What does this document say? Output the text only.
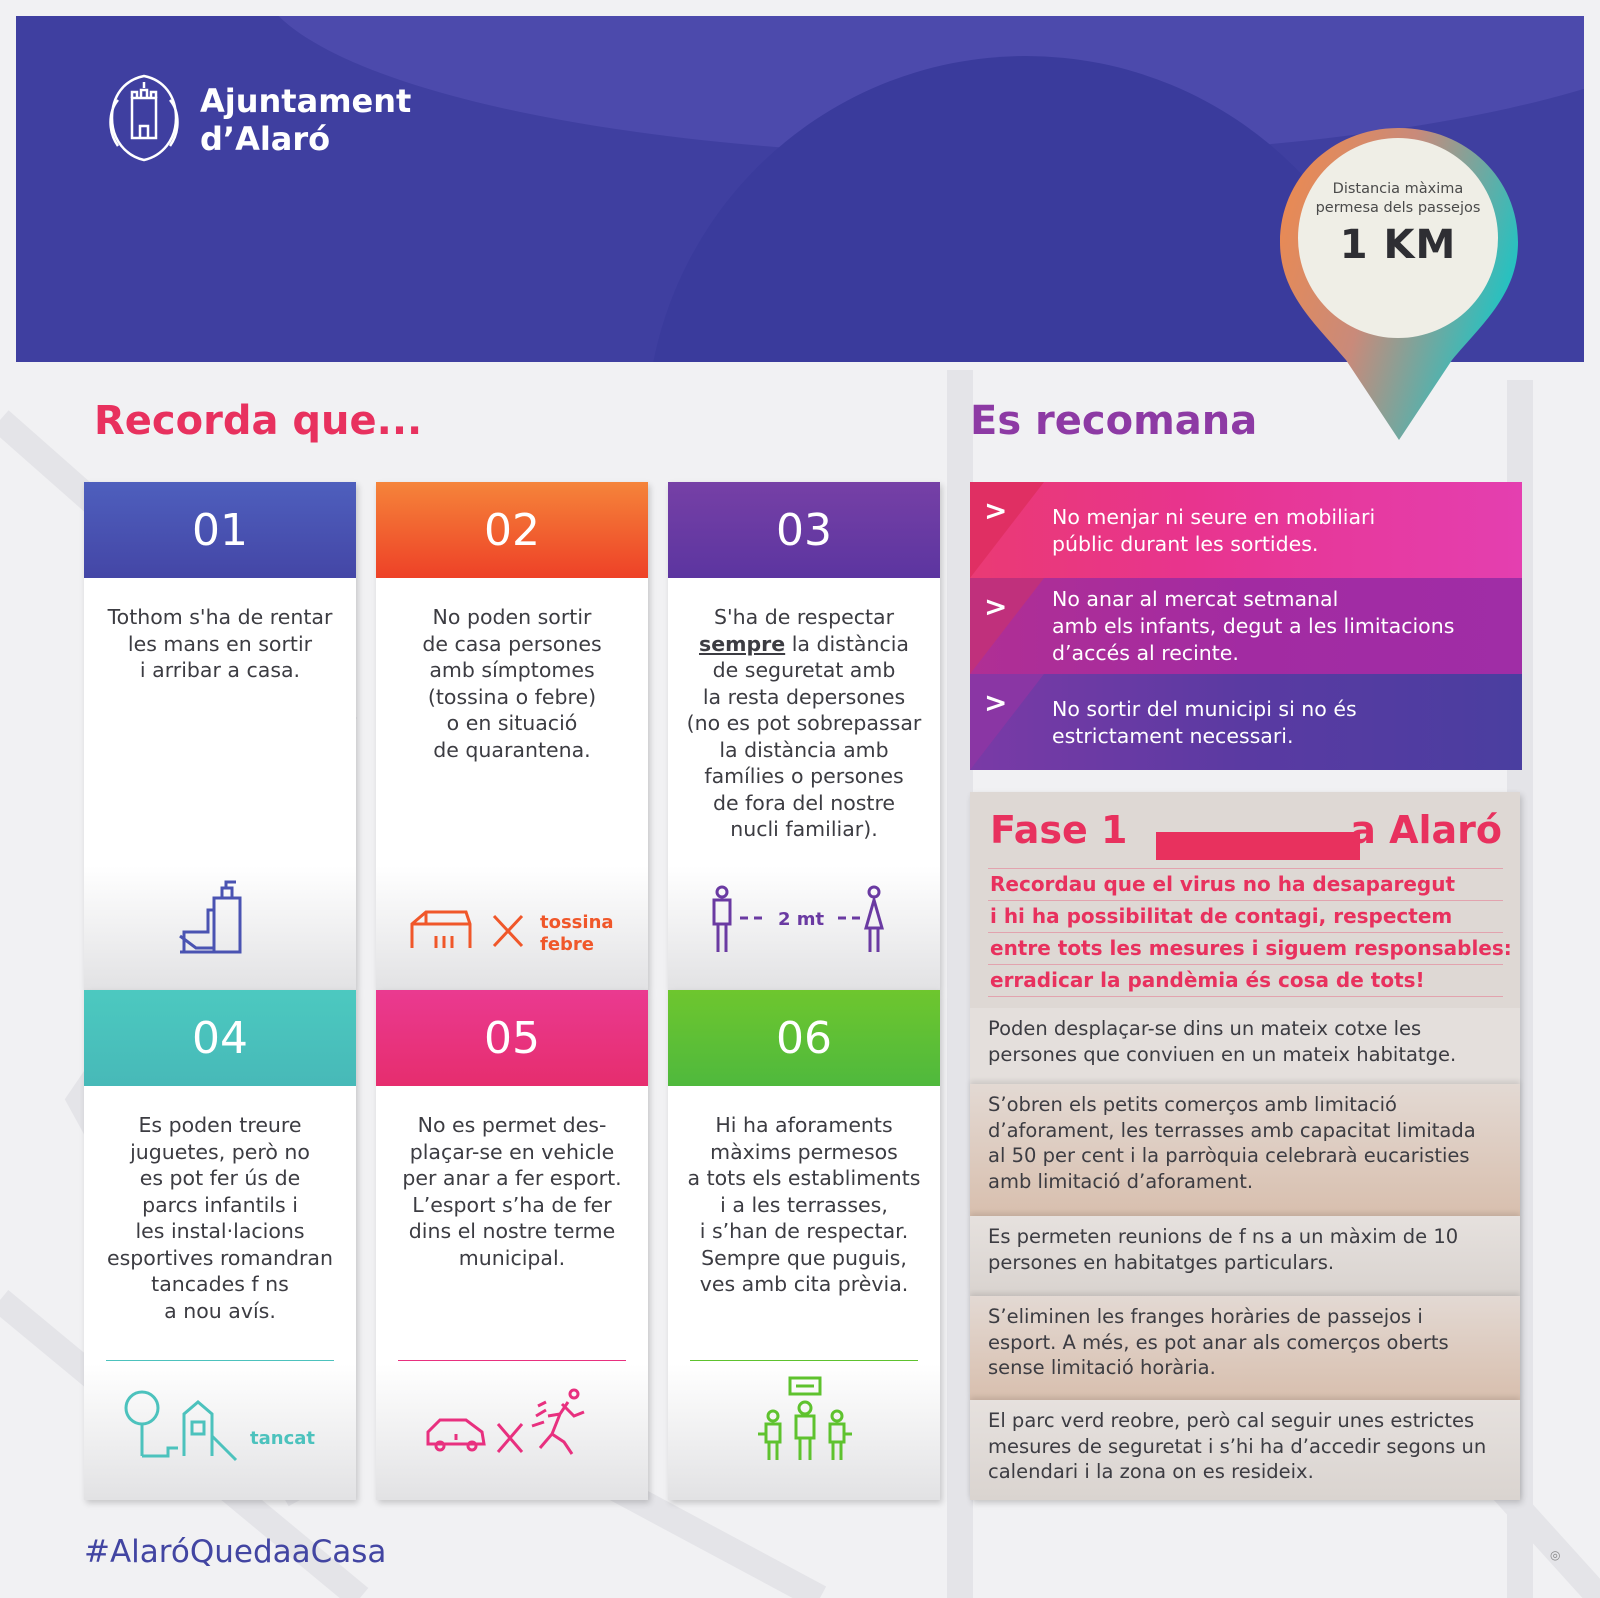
Ajuntament
d’Alaró
Distancia màxima
permesa dels passejos
1 KM
Recorda que...	Es recomana
01
Tothom s'ha de rentar
les mans en sortir
i arribar a casa.
02
No poden sortir
de casa persones
amb símptomes
(tossina o febre)
o en situació
de quarantena.
tossina
febre
03
S'ha de respectar
sempre la distància
de seguretat amb
la resta depersones
(no es pot sobrepassar
la distància amb
famílies o persones
de fora del nostre
nucli familiar).
2 mt
04
Es poden treure
juguetes, però no
es pot fer ús de
parcs infantils i
les instal·lacions
esportives romandran
tancades f ns
a nou avís.
tancat
05
No es permet des-
plaçar-se en vehicle
per anar a fer esport.
L’esport s’ha de fer
dins el nostre terme
municipal.
06
Hi ha aforaments
màxims permesos
a tots els establiments
i a les terrasses,
i s’han de respectar.
Sempre que puguis,
ves amb cita prèvia.
> No menjar ni seure en mobiliari
públic durant les sortides.
> No anar al mercat setmanal
amb els infants, degut a les limitacions
d’accés al recinte.
> No sortir del municipi si no és
estrictament necessari.
Fase 1	a Alaró
Recordau que el virus no ha desaparegut
i hi ha possibilitat de contagi, respectem
entre tots les mesures i siguem responsables:
erradicar la pandèmia és cosa de tots!
Poden desplaçar-se dins un mateix cotxe les
persones que conviuen en un mateix habitatge.
S’obren els petits comerços amb limitació
d’aforament, les terrasses amb capacitat limitada
al 50 per cent i la parròquia celebrarà eucaristies
amb limitació d’aforament.
Es permeten reunions de f ns a un màxim de 10
persones en habitatges particulars.
S’eliminen les franges horàries de passejos i
esport. A més, es pot anar als comerços oberts
sense limitació horària.
El parc verd reobre, però cal seguir unes estrictes
mesures de seguretat i s’hi ha d’accedir segons un
calendari i la zona on es resideix.
#AlaróQuedaaCasa	◎
